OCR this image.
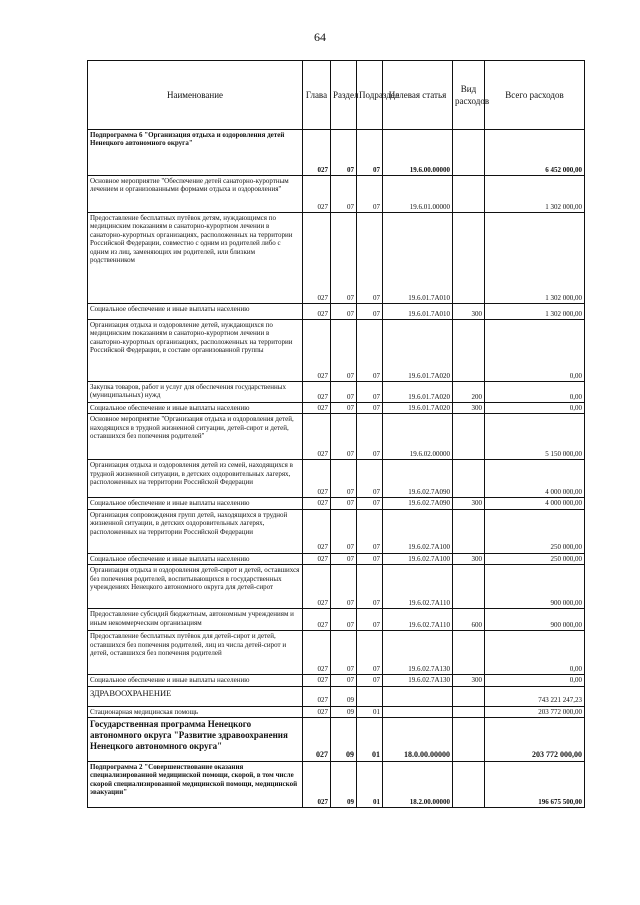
64
Наименование	Глава	Раздел	Подраздел	Целевая статья	Вид расходов	Всего расходов
Подпрограмма 6 "Организация отдыха и оздоровления детей Ненецкого автономного округа"	027	07	07	19.6.00.00000		6 452 000,00
Основное мероприятие "Обеспечение детей санаторно-курортным лечением и организованными формами отдыха и оздоровления"	027	07	07	19.6.01.00000		1 302 000,00
Предоставление бесплатных путёвок детям, нуждающимся по медицинским показаниям в санаторно-курортном лечении в санаторно-курортных организациях, расположенных на территории Российской Федерации, совместно с одним из родителей либо с одним из лиц, заменяющих им родителей, или близким родственником	027	07	07	19.6.01.7А010		1 302 000,00
Социальное обеспечение и иные выплаты населению	027	07	07	19.6.01.7А010	300	1 302 000,00
Организация отдыха и оздоровление детей, нуждающихся по медицинским показаниям в санаторно-курортном лечении в санаторно-курортных организациях, расположенных на территории Российской Федерации, в составе организованной группы	027	07	07	19.6.01.7А020		0,00
Закупка товаров, работ и услуг для обеспечения государственных (муниципальных) нужд	027	07	07	19.6.01.7А020	200	0,00
Социальное обеспечение и иные выплаты населению	027	07	07	19.6.01.7А020	300	0,00
Основное мероприятие "Организация отдыха и оздоровления детей, находящихся в трудной жизненной ситуации, детей-сирот и детей, оставшихся без попечения родителей"	027	07	07	19.6.02.00000		5 150 000,00
Организация отдыха и оздоровления детей из семей, находящихся в трудной жизненной ситуации, в детских оздоровительных лагерях, расположенных на территории Российской Федерации	027	07	07	19.6.02.7А090		4 000 000,00
Социальное обеспечение и иные выплаты населению	027	07	07	19.6.02.7А090	300	4 000 000,00
Организация сопровождения групп детей, находящихся в трудной жизненной ситуации, в детских оздоровительных лагерях, расположенных на территории Российской Федерации	027	07	07	19.6.02.7А100		250 000,00
Социальное обеспечение и иные выплаты населению	027	07	07	19.6.02.7А100	300	250 000,00
Организация отдыха и оздоровления детей-сирот и детей, оставшихся без попечения родителей, воспитывающихся в государственных учреждениях Ненецкого автономного округа для детей-сирот	027	07	07	19.6.02.7А110		900 000,00
Предоставление субсидий бюджетным, автономным учреждениям и иным некоммерческим организациям	027	07	07	19.6.02.7А110	600	900 000,00
Предоставление бесплатных путёвок для детей-сирот и детей, оставшихся без попечения родителей, лиц из числа детей-сирот и детей, оставшихся без попечения родителей	027	07	07	19.6.02.7А130		0,00
Социальное обеспечение и иные выплаты населению	027	07	07	19.6.02.7А130	300	0,00
ЗДРАВООХРАНЕНИЕ	027	09				743 221 247,23
Стационарная медицинская помощь	027	09	01			203 772 000,00
Государственная программа Ненецкого автономного округа "Развитие здравоохранения Ненецкого автономного округа"	027	09	01	18.0.00.00000		203 772 000,00
Подпрограмма 2 "Совершенствование оказания специализированной медицинской помощи, скорой, в том числе скорой специализированной медицинской помощи, медицинской эвакуации"	027	09	01	18.2.00.00000		196 675 500,00
